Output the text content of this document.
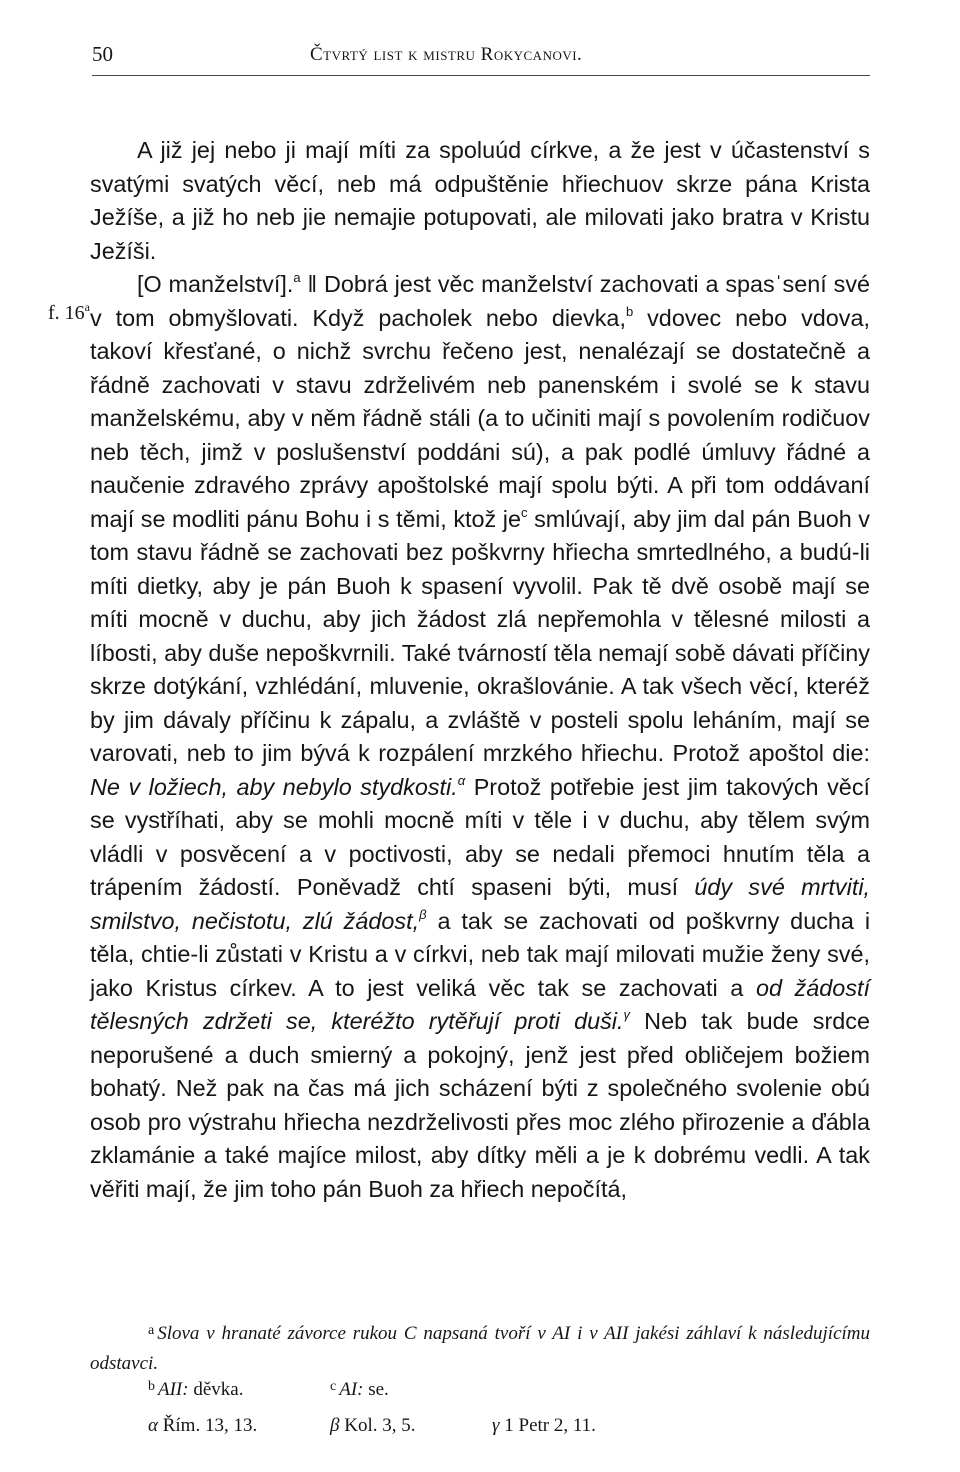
50	Čtvrtý list k mistru Rokycanovi.
f. 16$^a$

A již jej nebo ji mají míti za spoluúd církve, a že jest v účastenství s svatými svatých věcí, neb má odpuštěnie hřiechuov skrze pána Krista Ježíše, a již ho neb jie nemajie potupovati, ale milovati jako bratra v Kristu Ježíši.

[O manželství].$^a$ ‖ Dobrá jest věc manželství zachovati a spasˈsení své v tom obmyšlovati. Když pacholek nebo dievka,$^b$ vdovec nebo vdova, takoví křesťané, o nichž svrchu řečeno jest, nenalézají se dostatečně a řádně zachovati v stavu zdrželivém neb panenském i svolé se k stavu manželskému, aby v něm řádně stáli (a to učiniti mají s povolením rodičuov neb těch, jimž v poslušenství poddáni sú), a pak podlé úmluvy řádné a naučenie zdravého zprávy apoštolské mají spolu býti. A při tom oddávaní mají se modliti pánu Bohu i s těmi, ktož $je^c$ smlúvají, aby jim dal pán Buoh v tom stavu řádně se zachovati bez poškvrny hřiecha smrtedlného, a budú-li míti dietky, aby je pán Buoh k spasení vyvolil. Pak tě dvě osobě mají se míti mocně v duchu, aby jich žádost zlá nepřemohla v tělesné milosti a líbosti, aby duše nepoškvrnili. Také tvárností těla nemají sobě dávati příčiny skrze dotýkání, vzhlédání, mluvenie, okrašlovánie. A tak všech věcí, kteréž by jim dávaly příčinu k zápalu, a zvláště v posteli spolu leháním, mají se varovati, neb to jim bývá k rozpálení mrzkého hřiechu. Protož apoštol die: Ne v ložiech, aby nebylo stydkosti.$^\alpha$ Protož potřebie jest jim takových věcí se vystříhati, aby se mohli mocně míti v těle i v duchu, aby tělem svým vládli v posvěcení a v poctivosti, aby se nedali přemoci hnutím těla a trápením žádostí. Poněvadž chtí spaseni býti, musí údy své mrtviti, smilstvo, nečistotu, zlú žádost,$^\beta$ a tak se zachovati od poškvrny ducha i těla, chtie-li zůstati v Kristu a v církvi, neb tak mají milovati mužie ženy své, jako Kristus církev. A to jest veliká věc tak se zachovati a od žádostí tělesných zdržeti se, kteréžto rytěřují proti duši.$^\gamma$ Neb tak bude srdce neporušené a duch smierný a pokojný, jenž jest před obličejem božiem bohatý. Než pak na čas má jich scházení býti z společného svolenie obú osob pro výstrahu hřiecha nezdrželivosti přes moc zlého přirozenie a ďábla zklamánie a také majíce milost, aby dítky měli a je k dobrému vedli. A tak věřiti mají, že jim toho pán Buoh za hřiech nepočítá,

$^a$ Slova v hranaté závorce rukou C napsaná tvoří v AI i v AII jakési záhlaví k následujícímu odstavci.
$^b$ AII: děvka.	$^c$ AI: se.
α Řím. 13, 13.	β Kol. 3, 5.	γ 1 Petr 2, 11.
